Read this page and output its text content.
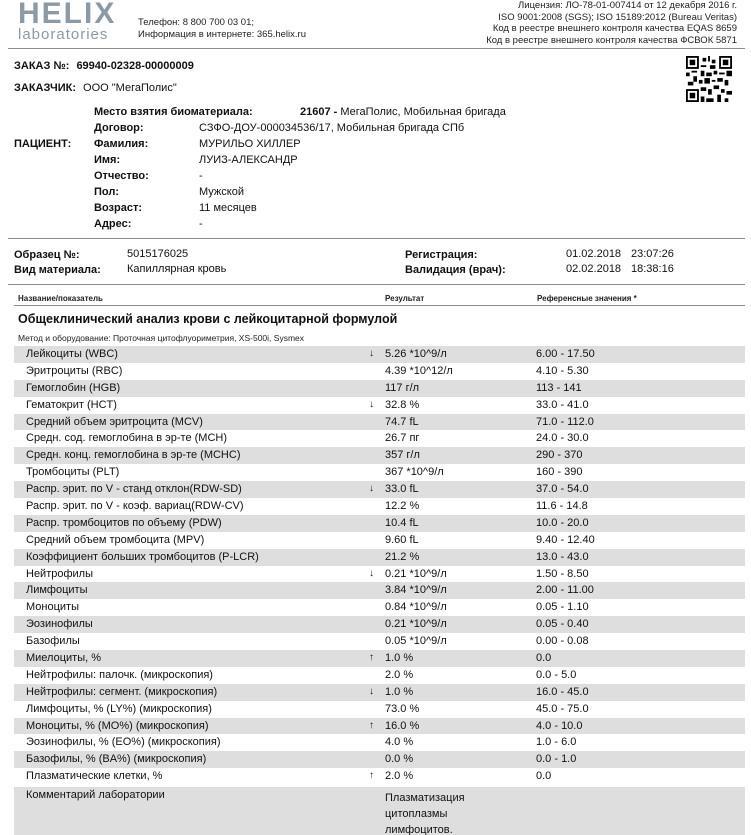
HELIX
laboratories
Телефон: 8 800 700 03 01;
Информация в интернете: 365.helix.ru
Лицензия: ЛО-78-01-007414 от 12 декабря 2016 г.
ISO 9001:2008 (SGS); ISO 15189:2012 (Bureau Veritas)
Код в реестре внешнего контроля качества EQAS 8659
Код в реестре внешнего контроля качества ФСВОК 5871
ЗАКАЗ №: 69940-02328-00000009
ЗАКАЗЧИК: ООО "МегаПолис"
ПАЦИЕНТ:
Место взятия биоматериала:	21607 - МегаПолис, Мобильная бригада
Договор:	СЗФО-ДОУ-000034536/17, Мобильная бригада СПб
Фамилия:	МУРИЛЬО ХИЛЛЕР
Имя:	ЛУИЗ-АЛЕКСАНДР
Отчество:	-
Пол:	Мужской
Возраст:	11 месяцев
Адрес:	-
Образец №:	5015176025
Вид материала: Капиллярная кровь
Регистрация:	01.02.2018 23:07:26
Валидация (врач):	02.02.2018 18:38:16
Название/показатель	Результат	Референсные значения *
Общеклинический анализ крови с лейкоцитарной формулой
Метод и оборудование: Проточная цитофлуориметрия, XS-500i, Sysmex
Лейкоциты (WBC)	↓ 5.26 *10^9/л	6.00 - 17.50
Эритроциты (RBC)	4.39 *10^12/л	4.10 - 5.30
Гемоглобин (HGB)	117 г/л	113 - 141
Гематокрит (HCT)	↓ 32.8 %	33.0 - 41.0
Средний объем эритроцита (MCV)	74.7 fL	71.0 - 112.0
Средн. сод. гемоглобина в эр-те (MCH)	26.7 пг	24.0 - 30.0
Средн. конц. гемоглобина в эр-те (MCHC)	357 г/л	290 - 370
Тромбоциты (PLT)	367 *10^9/л	160 - 390
Распр. эрит. по V - станд отклон(RDW-SD)	↓ 33.0 fL	37.0 - 54.0
Распр. эрит. по V - коэф. вариац(RDW-CV)	12.2 %	11.6 - 14.8
Распр. тромбоцитов по объему (PDW)	10.4 fL	10.0 - 20.0
Средний объем тромбоцита (MPV)	9.60 fL	9.40 - 12.40
Коэффициент больших тромбоцитов (P-LCR)	21.2 %	13.0 - 43.0
Нейтрофилы	↓ 0.21 *10^9/л	1.50 - 8.50
Лимфоциты	3.84 *10^9/л	2.00 - 11.00
Моноциты	0.84 *10^9/л	0.05 - 1.10
Эозинофилы	0.21 *10^9/л	0.05 - 0.40
Базофилы	0.05 *10^9/л	0.00 - 0.08
Миелоциты, %	↑ 1.0 %	0.0
Нейтрофилы: палочк. (микроскопия)	2.0 %	0.0 - 5.0
Нейтрофилы: сегмент. (микроскопия)	↓ 1.0 %	16.0 - 45.0
Лимфоциты, % (LY%) (микроскопия)	73.0 %	45.0 - 75.0
Моноциты, % (MO%) (микроскопия)	↑ 16.0 %	4.0 - 10.0
Эозинофилы, % (EO%) (микроскопия)	4.0 %	1.0 - 6.0
Базофилы, % (BA%) (микроскопия)	0.0 %	0.0 - 1.0
Плазматические клетки, %	↑ 2.0 %	0.0
Комментарий лаборатории	Плазматизация
цитоплазмы
лимфоцитов.
